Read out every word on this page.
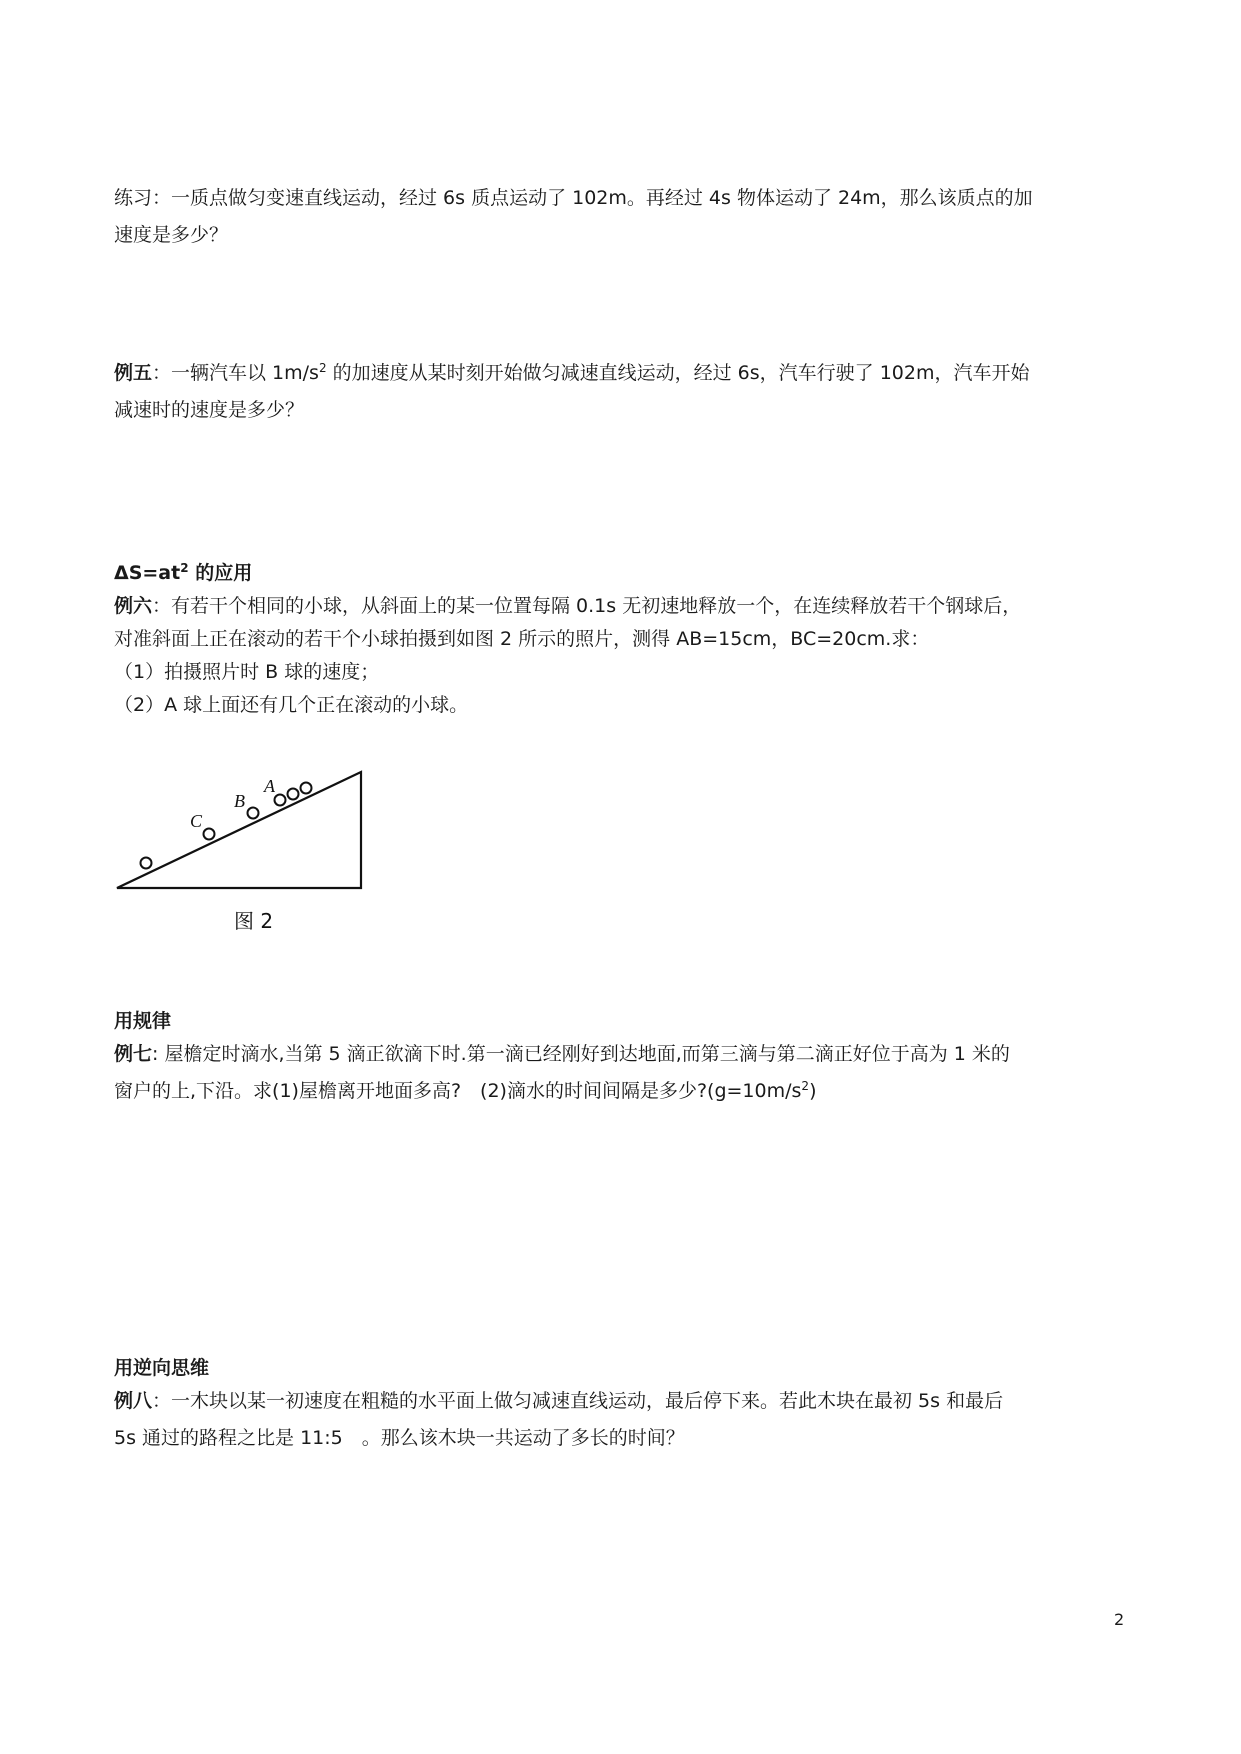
练习：一质点做匀变速直线运动，经过 6s 质点运动了 102m。再经过 4s 物体运动了 24m，那么该质点的加
速度是多少？
例五：一辆汽车以 $1m/s^2$ 的加速度从某时刻开始做匀减速直线运动，经过 6s，汽车行驶了 102m，汽车开始
减速时的速度是多少？
$\Delta S=at^2$ 的应用
例六：有若干个相同的小球，从斜面上的某一位置每隔 0.1s 无初速地释放一个，在连续释放若干个钢球后，
对准斜面上正在滚动的若干个小球拍摄到如图 2 所示的照片，测得 AB=15cm，BC=20cm.求：
（1）拍摄照片时 B 球的速度；
（2）A 球上面还有几个正在滚动的小球。
C
B
A
图 2
用规律
例七: 屋檐定时滴水,当第 5 滴正欲滴下时.第一滴已经刚好到达地面,而第三滴与第二滴正好位于高为 1 米的
窗户的上,下沿。求(1)屋檐离开地面多高?　(2)滴水的时间间隔是多少$?(g=10m/s^2)$
用逆向思维
例八：一木块以某一初速度在粗糙的水平面上做匀减速直线运动，最后停下来。若此木块在最初 5s 和最后
5s 通过的路程之比是 11:5　。那么该木块一共运动了多长的时间？
2
